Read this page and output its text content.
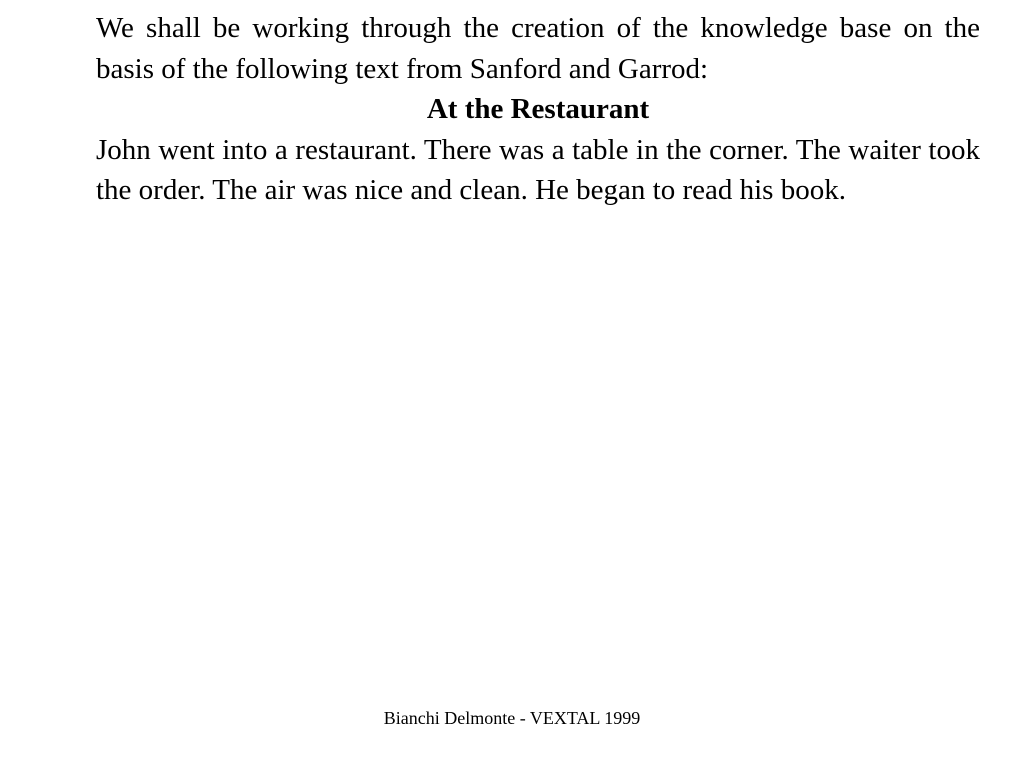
We shall be working through the creation of the knowledge base on the basis of the following text from Sanford and Garrod:

At the Restaurant

John went into a restaurant. There was a table in the corner. The waiter took the order. The air was nice and clean. He began to read his book.

Bianchi Delmonte - VEXTAL 1999
